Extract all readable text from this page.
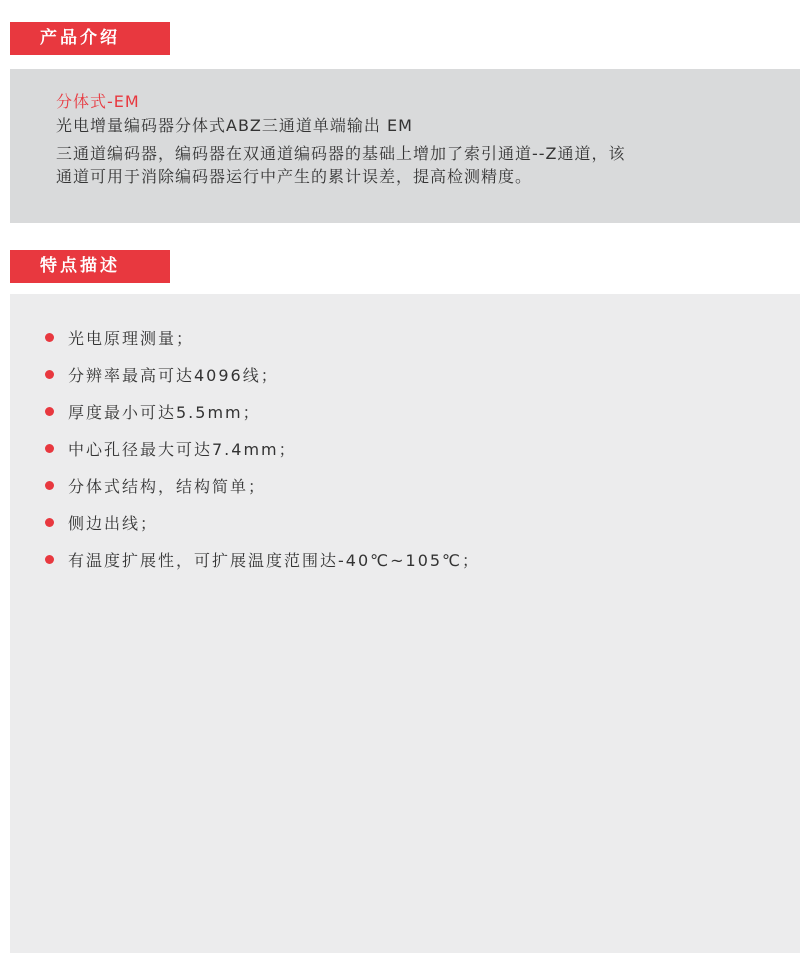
产品介绍
分体式-EM
光电增量编码器分体式ABZ三通道单端输出 EM
三通道编码器，编码器在双通道编码器的基础上增加了索引通道--Z通道，该
通道可用于消除编码器运行中产生的累计误差，提高检测精度。
特点描述
光电原理测量；
分辨率最高可达4096线；
厚度最小可达5.5mm；
中心孔径最大可达7.4mm；
分体式结构，结构简单；
侧边出线；
有温度扩展性，可扩展温度范围达-40℃~105℃；
